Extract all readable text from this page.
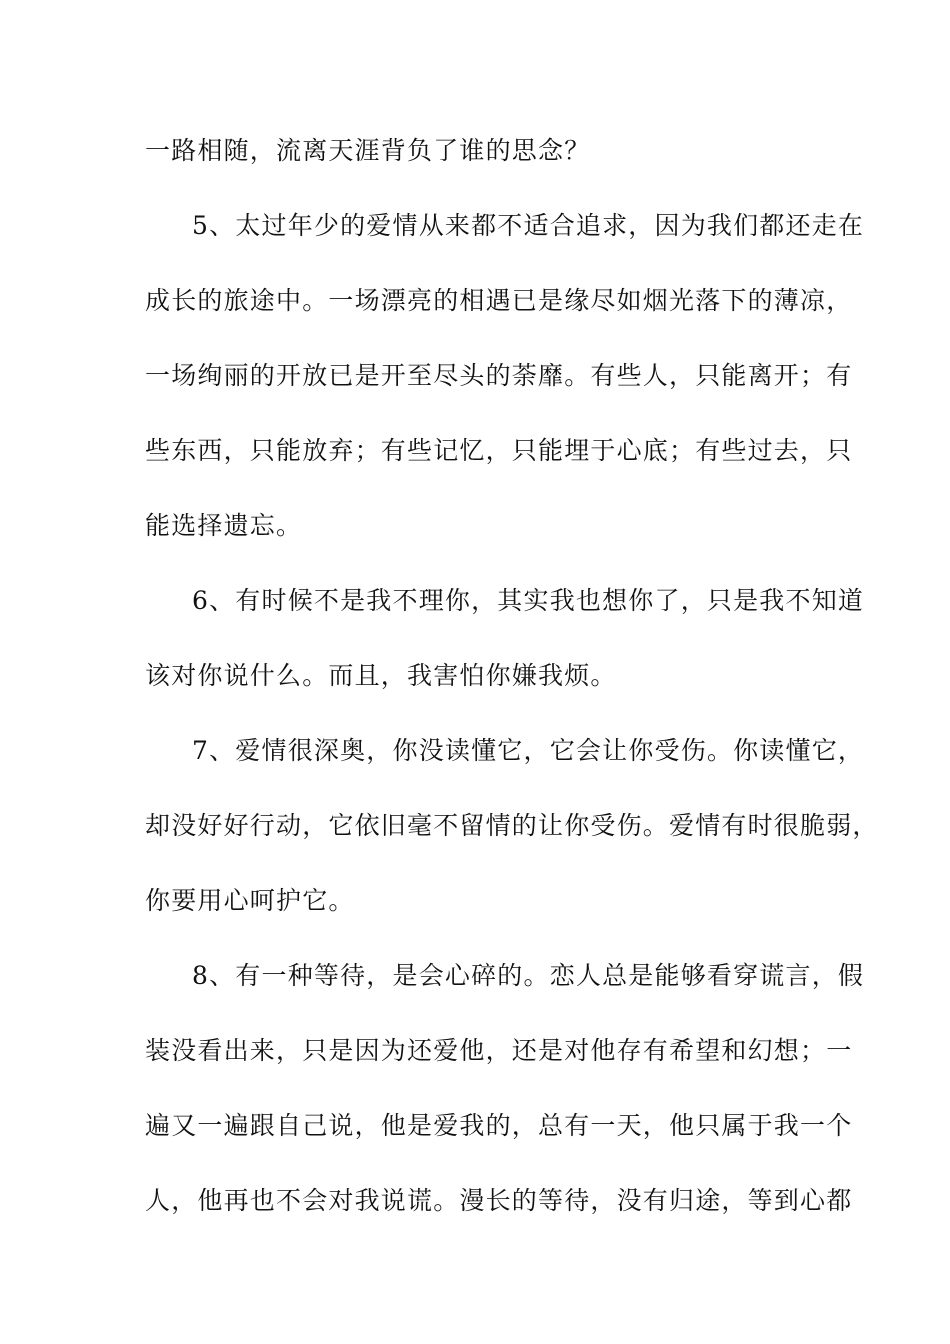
一路相随，流离天涯背负了谁的思念？
5、太过年少的爱情从来都不适合追求，因为我们都还走在
成长的旅途中。一场漂亮的相遇已是缘尽如烟光落下的薄凉，
一场绚丽的开放已是开至尽头的荼靡。有些人，只能离开；有
些东西，只能放弃；有些记忆，只能埋于心底；有些过去，只
能选择遗忘。
6、有时候不是我不理你，其实我也想你了，只是我不知道
该对你说什么。而且，我害怕你嫌我烦。
7、爱情很深奥，你没读懂它，它会让你受伤。你读懂它，
却没好好行动，它依旧毫不留情的让你受伤。爱情有时很脆弱，
你要用心呵护它。
8、有一种等待，是会心碎的。恋人总是能够看穿谎言，假
装没看出来，只是因为还爱他，还是对他存有希望和幻想；一
遍又一遍跟自己说，他是爱我的，总有一天，他只属于我一个
人，他再也不会对我说谎。漫长的等待，没有归途，等到心都
